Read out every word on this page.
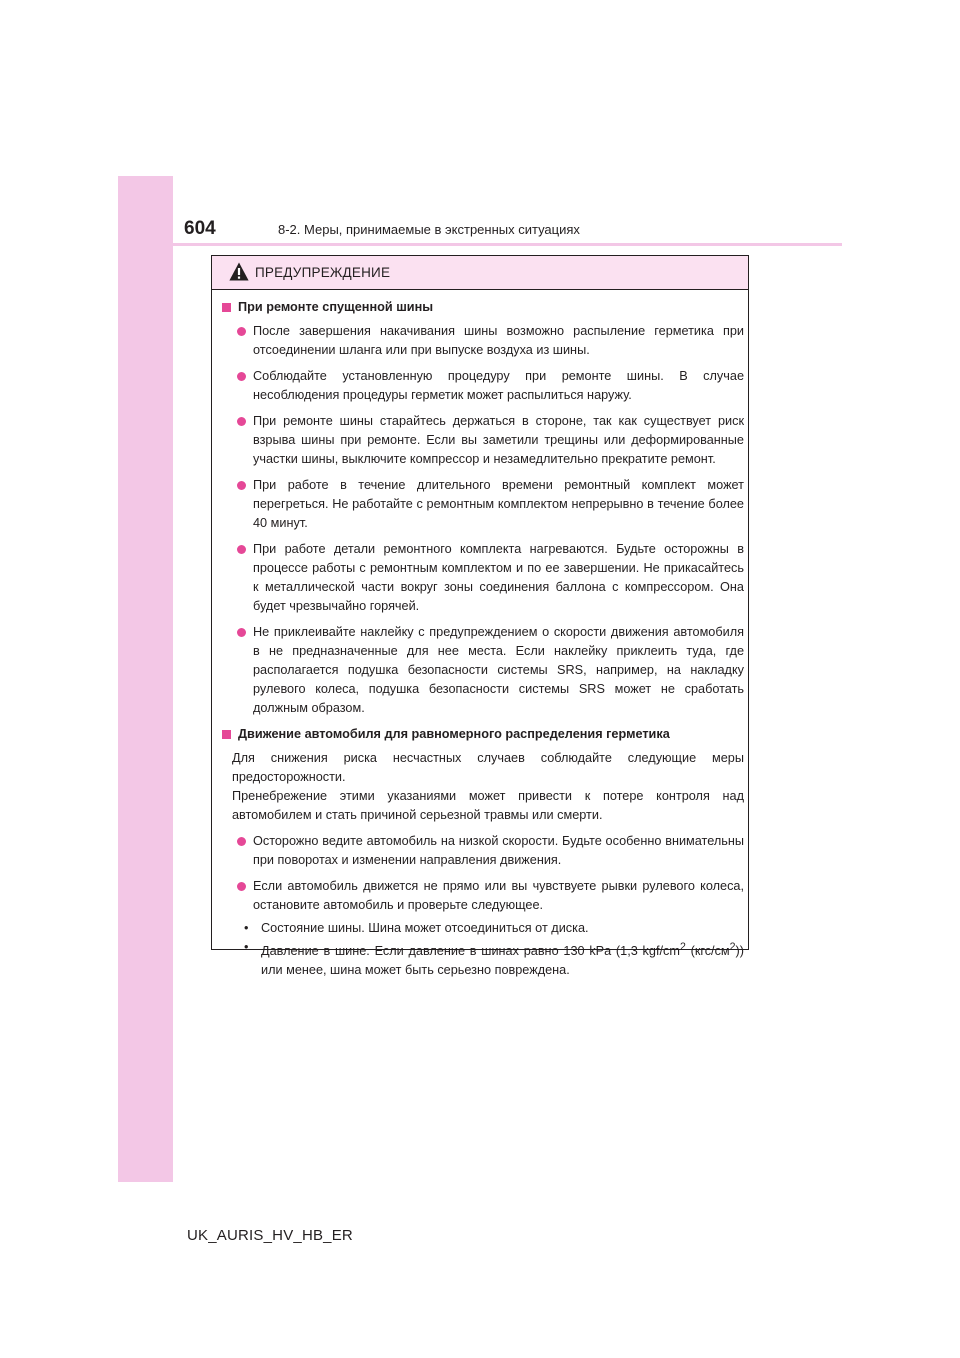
604	8-2. Меры, принимаемые в экстренных ситуациях
ПРЕДУПРЕЖДЕНИЕ
При ремонте спущенной шины
После завершения накачивания шины возможно распыление герметика при отсоединении шланга или при выпуске воздуха из шины.
Соблюдайте установленную процедуру при ремонте шины. В случае несоблюдения процедуры герметик может распылиться наружу.
При ремонте шины старайтесь держаться в стороне, так как существует риск взрыва шины при ремонте. Если вы заметили трещины или деформированные участки шины, выключите компрессор и незамедлительно прекратите ремонт.
При работе в течение длительного времени ремонтный комплект может перегреться. Не работайте с ремонтным комплектом непрерывно в течение более 40 минут.
При работе детали ремонтного комплекта нагреваются. Будьте осторожны в процессе работы с ремонтным комплектом и по ее завершении. Не прикасайтесь к металлической части вокруг зоны соединения баллона с компрессором. Она будет чрезвычайно горячей.
Не приклеивайте наклейку с предупреждением о скорости движения автомобиля в не предназначенные для нее места. Если наклейку приклеить туда, где располагается подушка безопасности системы SRS, например, на накладку рулевого колеса, подушка безопасности системы SRS может не сработать должным образом.
Движение автомобиля для равномерного распределения герметика
Для снижения риска несчастных случаев соблюдайте следующие меры предосторожности.
Пренебрежение этими указаниями может привести к потере контроля над автомобилем и стать причиной серьезной травмы или смерти.
Осторожно ведите автомобиль на низкой скорости. Будьте особенно внимательны при поворотах и изменении направления движения.
Если автомобиль движется не прямо или вы чувствуете рывки рулевого колеса, остановите автомобиль и проверьте следующее.
• Состояние шины. Шина может отсоединиться от диска.
• Давление в шине. Если давление в шинах равно 130 kPa (1,3 kgf/$cm^2$ $(кгс/см^2)$) или менее, шина может быть серьезно повреждена.
UK_AURIS_HV_HB_ER
